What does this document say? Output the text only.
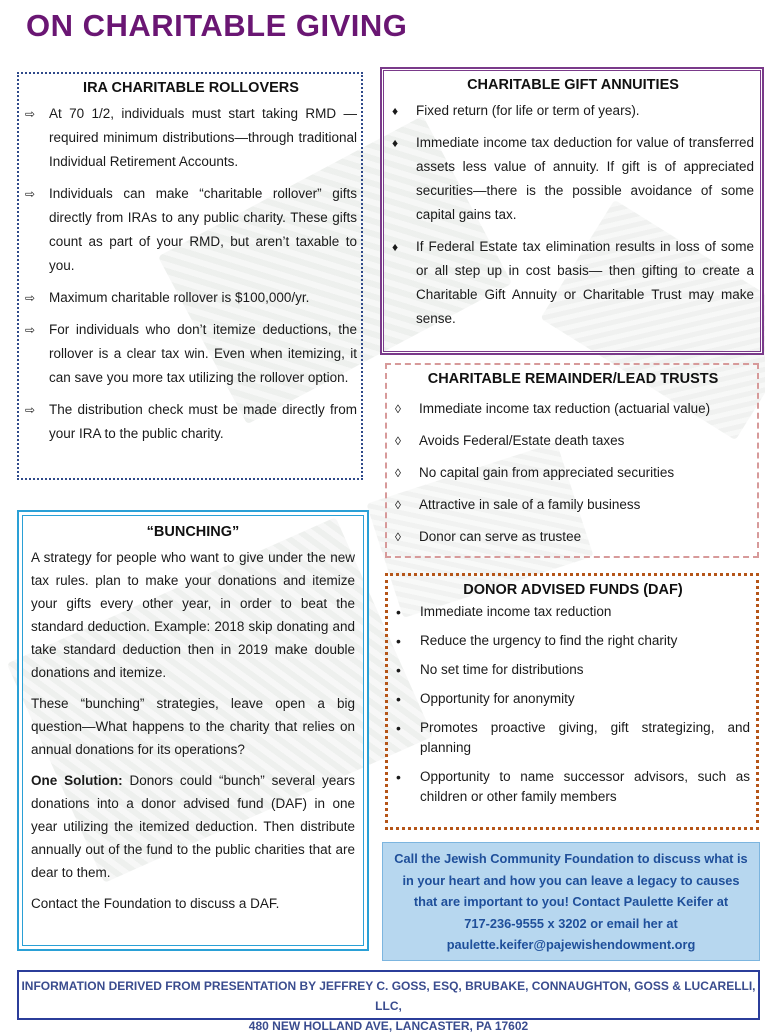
ON CHARITABLE GIVING
IRA CHARITABLE ROLLOVERS
⇨ At 70 1/2, individuals must start taking RMD —required minimum distributions—through traditional Individual Retirement Accounts.
⇨ Individuals can make “charitable rollover” gifts directly from IRAs to any public charity. These gifts count as part of your RMD, but aren’t taxable to you.
⇨ Maximum charitable rollover is $100,000/yr.
⇨ For individuals who don’t itemize deductions, the rollover is a clear tax win. Even when itemizing, it can save you more tax utilizing the rollover option.
⇨ The distribution check must be made directly from your IRA to the public charity.
CHARITABLE GIFT ANNUITIES
♦ Fixed return (for life or term of years).
♦ Immediate income tax deduction for value of transferred assets less value of annuity. If gift is of appreciated securities—there is the possible avoidance of some capital gains tax.
♦ If Federal Estate tax elimination results in loss of some or all step up in cost basis— then gifting to create a Charitable Gift Annuity or Charitable Trust may make sense.
CHARITABLE REMAINDER/LEAD TRUSTS
◊ Immediate income tax reduction (actuarial value)
◊ Avoids Federal/Estate death taxes
◊ No capital gain from appreciated securities
◊ Attractive in sale of a family business
◊ Donor can serve as trustee
“BUNCHING”

A strategy for people who want to give under the new tax rules. plan to make your donations and itemize your gifts every other year, in order to beat the standard deduction. Example: 2018 skip donating and take standard deduction then in 2019 make double donations and itemize.

These “bunching” strategies, leave open a big question—What happens to the charity that relies on annual donations for its operations?

One Solution: Donors could “bunch” several years donations into a donor advised fund (DAF) in one year utilizing the itemized deduction. Then distribute annually out of the fund to the public charities that are dear to them.

Contact the Foundation to discuss a DAF.

DONOR ADVISED FUNDS (DAF)
• Immediate income tax reduction
• Reduce the urgency to find the right charity
• No set time for distributions
• Opportunity for anonymity
• Promotes proactive giving, gift strategizing, and planning
• Opportunity to name successor advisors, such as children or other family members
Call the Jewish Community Foundation to discuss what is
in your heart and how you can leave a legacy to causes
that are important to you! Contact Paulette Keifer at
717-236-9555 x 3202 or email her at
paulette.keifer@pajewishendowment.org
INFORMATION DERIVED FROM PRESENTATION BY JEFFREY C. GOSS, ESQ, BRUBAKE, CONNAUGHTON, GOSS & LUCARELLI, LLC,
480 NEW HOLLAND AVE, LANCASTER, PA 17602
